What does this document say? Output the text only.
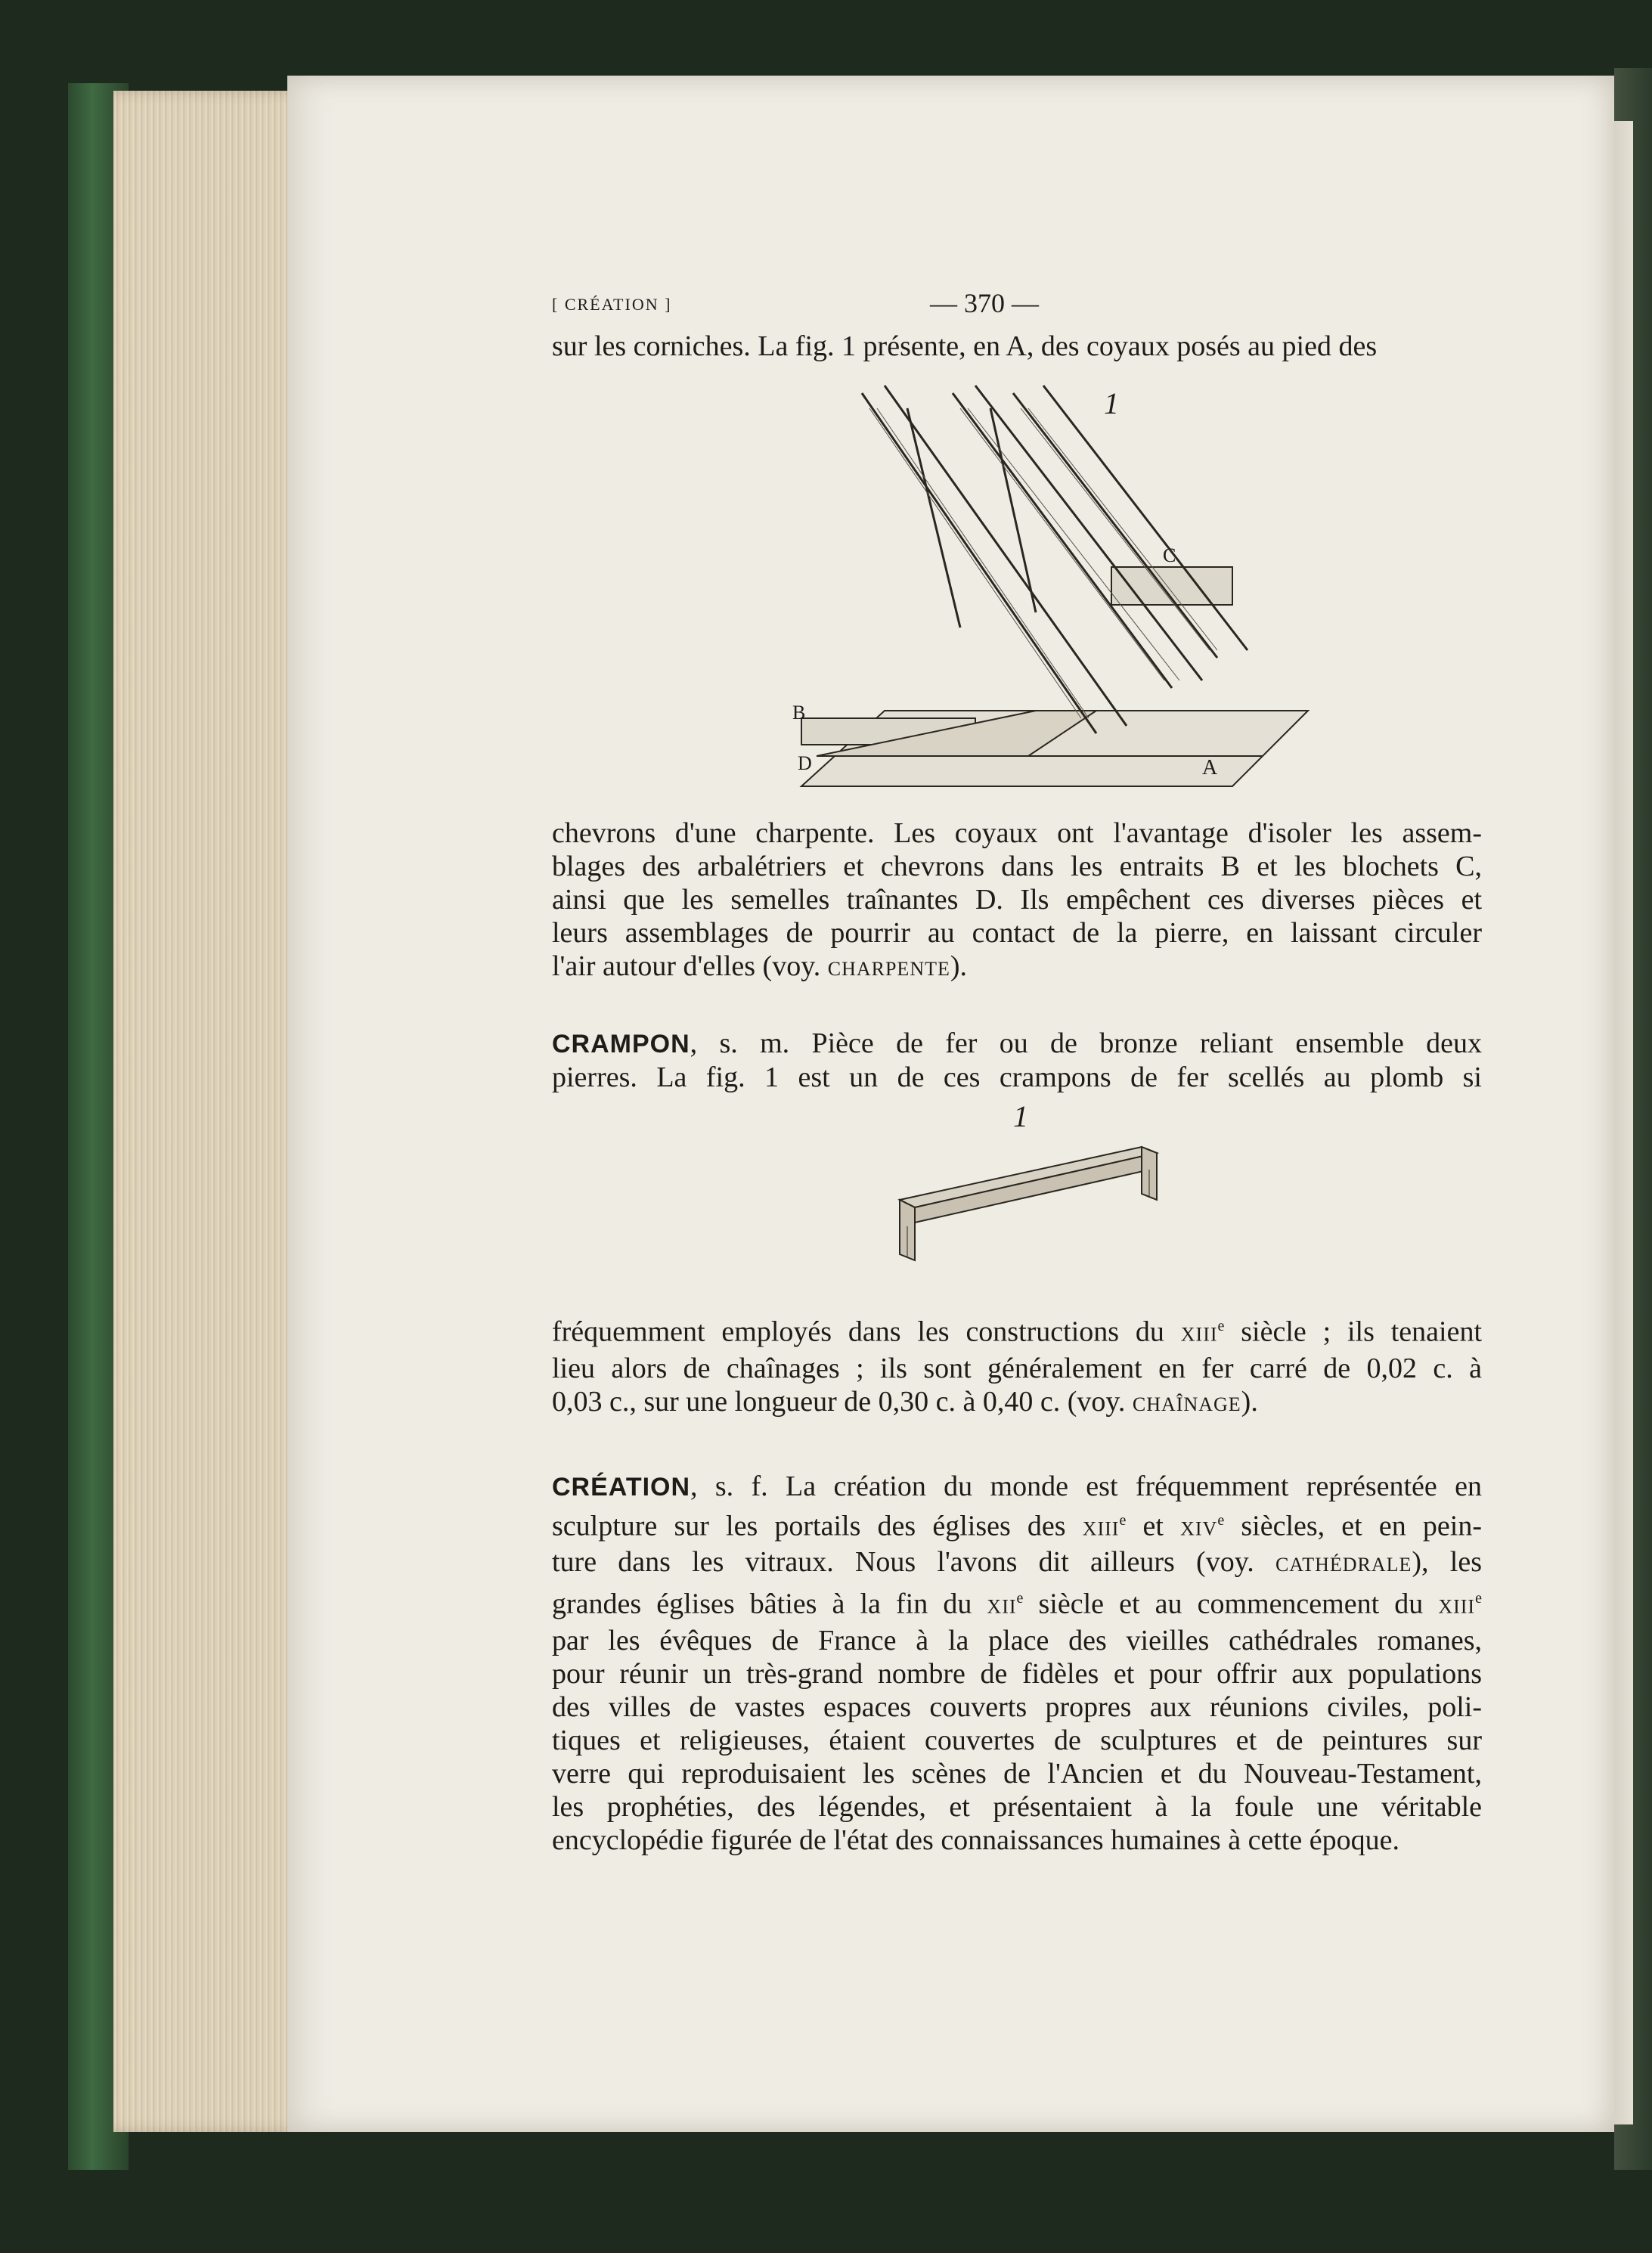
[ CRÉATION ]	— 370 —

sur les corniches. La fig. 1 présente, en A, des coyaux posés au pied des

1
A
B
C
D

chevrons d'une charpente. Les coyaux ont l'avantage d'isoler les assem-

blages des arbalétriers et chevrons dans les entraits B et les blochets C,

ainsi que les semelles traînantes D. Ils empêchent ces diverses pièces et

leurs assemblages de pourrir au contact de la pierre, en laissant circuler

l'air autour d'elles (voy. CHARPENTE).

CRAMPON, s. m. Pièce de fer ou de bronze reliant ensemble deux

pierres. La fig. 1 est un de ces crampons de fer scellés au plomb si

1

fréquemment employés dans les constructions du XIIIe siècle ; ils tenaient

lieu alors de chaînages ; ils sont généralement en fer carré de 0,02 c. à

0,03 c., sur une longueur de 0,30 c. à 0,40 c. (voy. CHAÎNAGE).

CRÉATION, s. f. La création du monde est fréquemment représentée en

sculpture sur les portails des églises des XIIIe et XIVe siècles, et en pein-

ture dans les vitraux. Nous l'avons dit ailleurs (voy. CATHÉDRALE), les

grandes églises bâties à la fin du XIIe siècle et au commencement du XIIIe

par les évêques de France à la place des vieilles cathédrales romanes,

pour réunir un très-grand nombre de fidèles et pour offrir aux populations

des villes de vastes espaces couverts propres aux réunions civiles, poli-

tiques et religieuses, étaient couvertes de sculptures et de peintures sur

verre qui reproduisaient les scènes de l'Ancien et du Nouveau-Testament,

les prophéties, des légendes, et présentaient à la foule une véritable

encyclopédie figurée de l'état des connaissances humaines à cette époque.
